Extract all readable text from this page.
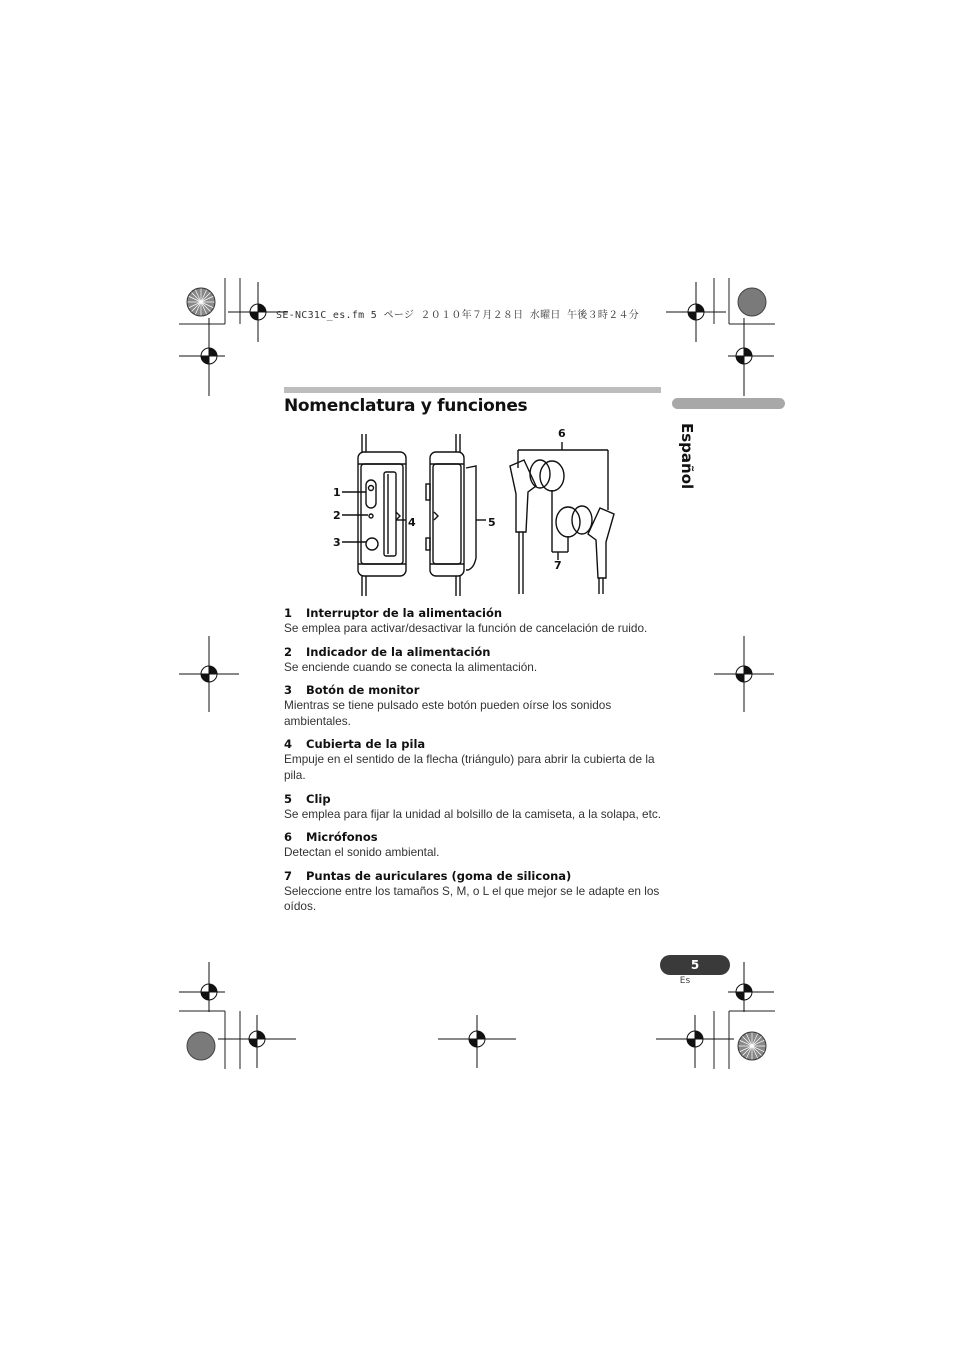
SE-NC31C_es.fm 5 ページ ２０１０年７月２８日 水曜日 午後３時２４分
Nomenclatura y funciones
Español
1
2
3
4	5
6
7
1 Interruptor de la alimentación
Se emplea para activar/desactivar la función de cancelación de ruido.
2 Indicador de la alimentación
Se enciende cuando se conecta la alimentación.
3 Botón de monitor
Mientras se tiene pulsado este botón pueden oírse los sonidos ambientales.
4 Cubierta de la pila
Empuje en el sentido de la flecha (triángulo) para abrir la cubierta de la pila.
5 Clip
Se emplea para fijar la unidad al bolsillo de la camiseta, a la solapa, etc.
6 Micrófonos
Detectan el sonido ambiental.
7 Puntas de auriculares (goma de silicona)
Seleccione entre los tamaños S, M, o L el que mejor se le adapte en los oídos.
5
Es
